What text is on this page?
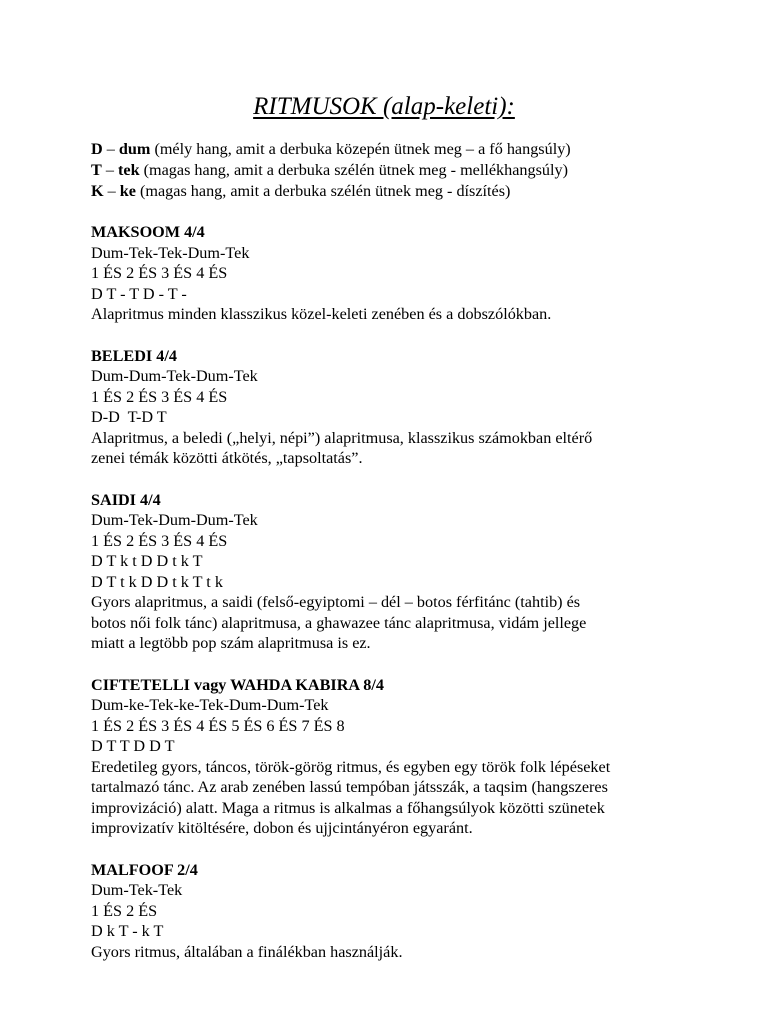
RITMUSOK (alap-keleti):
D – dum (mély hang, amit a derbuka közepén ütnek meg – a fő hangsúly)
T – tek (magas hang, amit a derbuka szélén ütnek meg - mellékhangsúly)
K – ke (magas hang, amit a derbuka szélén ütnek meg - díszítés)
MAKSOOM 4/4
Dum-Tek-Tek-Dum-Tek
1 ÉS 2 ÉS 3 ÉS 4 ÉS
D T - T D - T -
Alapritmus minden klasszikus közel-keleti zenében és a dobszólókban.
BELEDI 4/4
Dum-Dum-Tek-Dum-Tek
1 ÉS 2 ÉS 3 ÉS 4 ÉS
D-D  T-D T
Alapritmus, a beledi („helyi, népi”) alapritmusa, klasszikus számokban eltérő
zenei témák közötti átkötés, „tapsoltatás”.
SAIDI 4/4
Dum-Tek-Dum-Dum-Tek
1 ÉS 2 ÉS 3 ÉS 4 ÉS
D T k t D D t k T
D T t k D D t k T t k
Gyors alapritmus, a saidi (felső-egyiptomi – dél – botos férfitánc (tahtib) és
botos női folk tánc) alapritmusa, a ghawazee tánc alapritmusa, vidám jellege
miatt a legtöbb pop szám alapritmusa is ez.
CIFTETELLI vagy WAHDA KABIRA 8/4
Dum-ke-Tek-ke-Tek-Dum-Dum-Tek
1 ÉS 2 ÉS 3 ÉS 4 ÉS 5 ÉS 6 ÉS 7 ÉS 8
D T T D D T
Eredetileg gyors, táncos, török-görög ritmus, és egyben egy török folk lépéseket
tartalmazó tánc. Az arab zenében lassú tempóban játsszák, a taqsim (hangszeres
improvizáció) alatt. Maga a ritmus is alkalmas a főhangsúlyok közötti szünetek
improvizatív kitöltésére, dobon és ujjcintányéron egyaránt.
MALFOOF 2/4
Dum-Tek-Tek
1 ÉS 2 ÉS
D k T - k T
Gyors ritmus, általában a finálékban használják.
